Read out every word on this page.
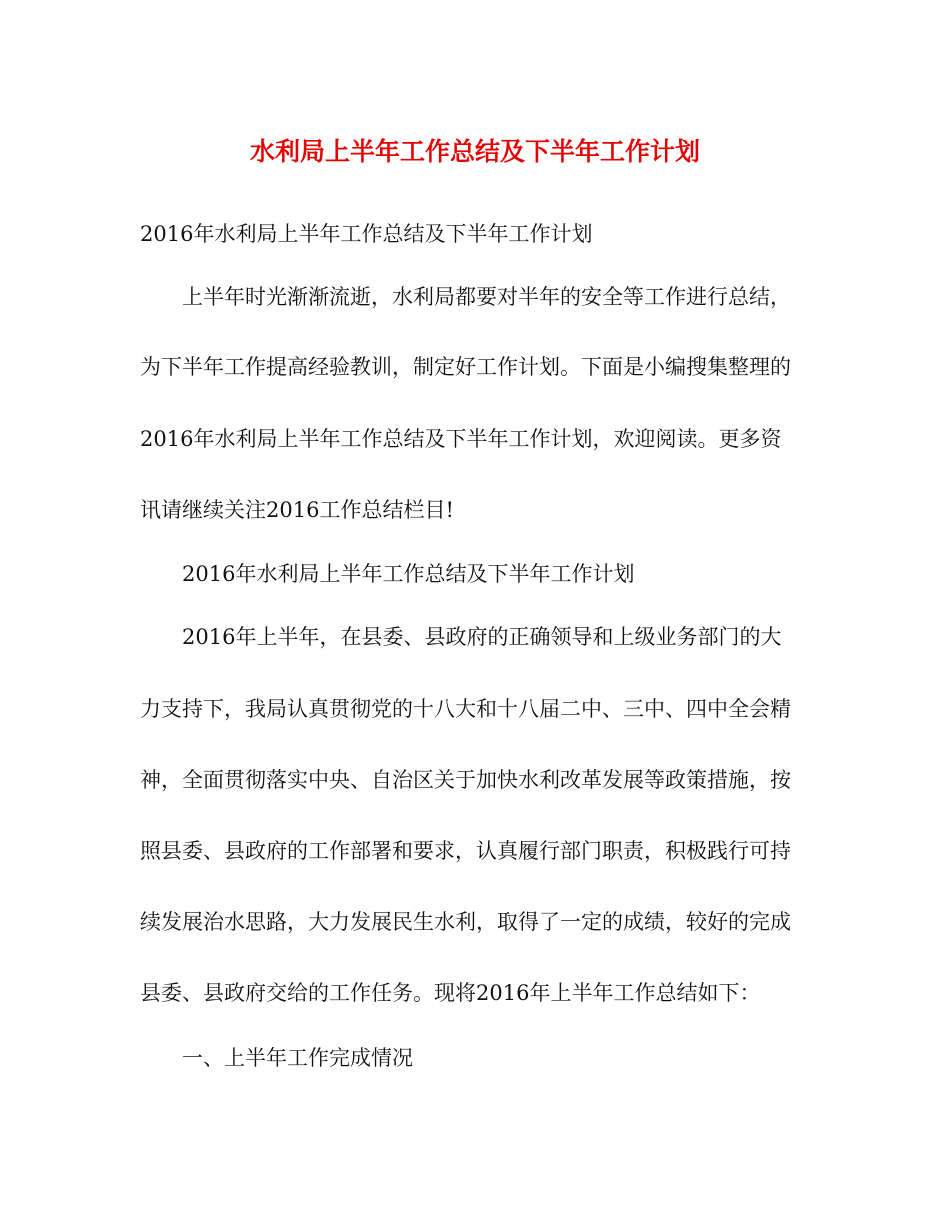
水利局上半年工作总结及下半年工作计划
2016年水利局上半年工作总结及下半年工作计划
上半年时光渐渐流逝，水利局都要对半年的安全等工作进行总结，
为下半年工作提高经验教训，制定好工作计划。下面是小编搜集整理的
2016年水利局上半年工作总结及下半年工作计划，欢迎阅读。更多资
讯请继续关注2016工作总结栏目!
2016年水利局上半年工作总结及下半年工作计划
2016年上半年，在县委、县政府的正确领导和上级业务部门的大
力支持下，我局认真贯彻党的十八大和十八届二中、三中、四中全会精
神，全面贯彻落实中央、自治区关于加快水利改革发展等政策措施，按
照县委、县政府的工作部署和要求，认真履行部门职责，积极践行可持
续发展治水思路，大力发展民生水利，取得了一定的成绩，较好的完成
县委、县政府交给的工作任务。现将2016年上半年工作总结如下：
一、上半年工作完成情况
